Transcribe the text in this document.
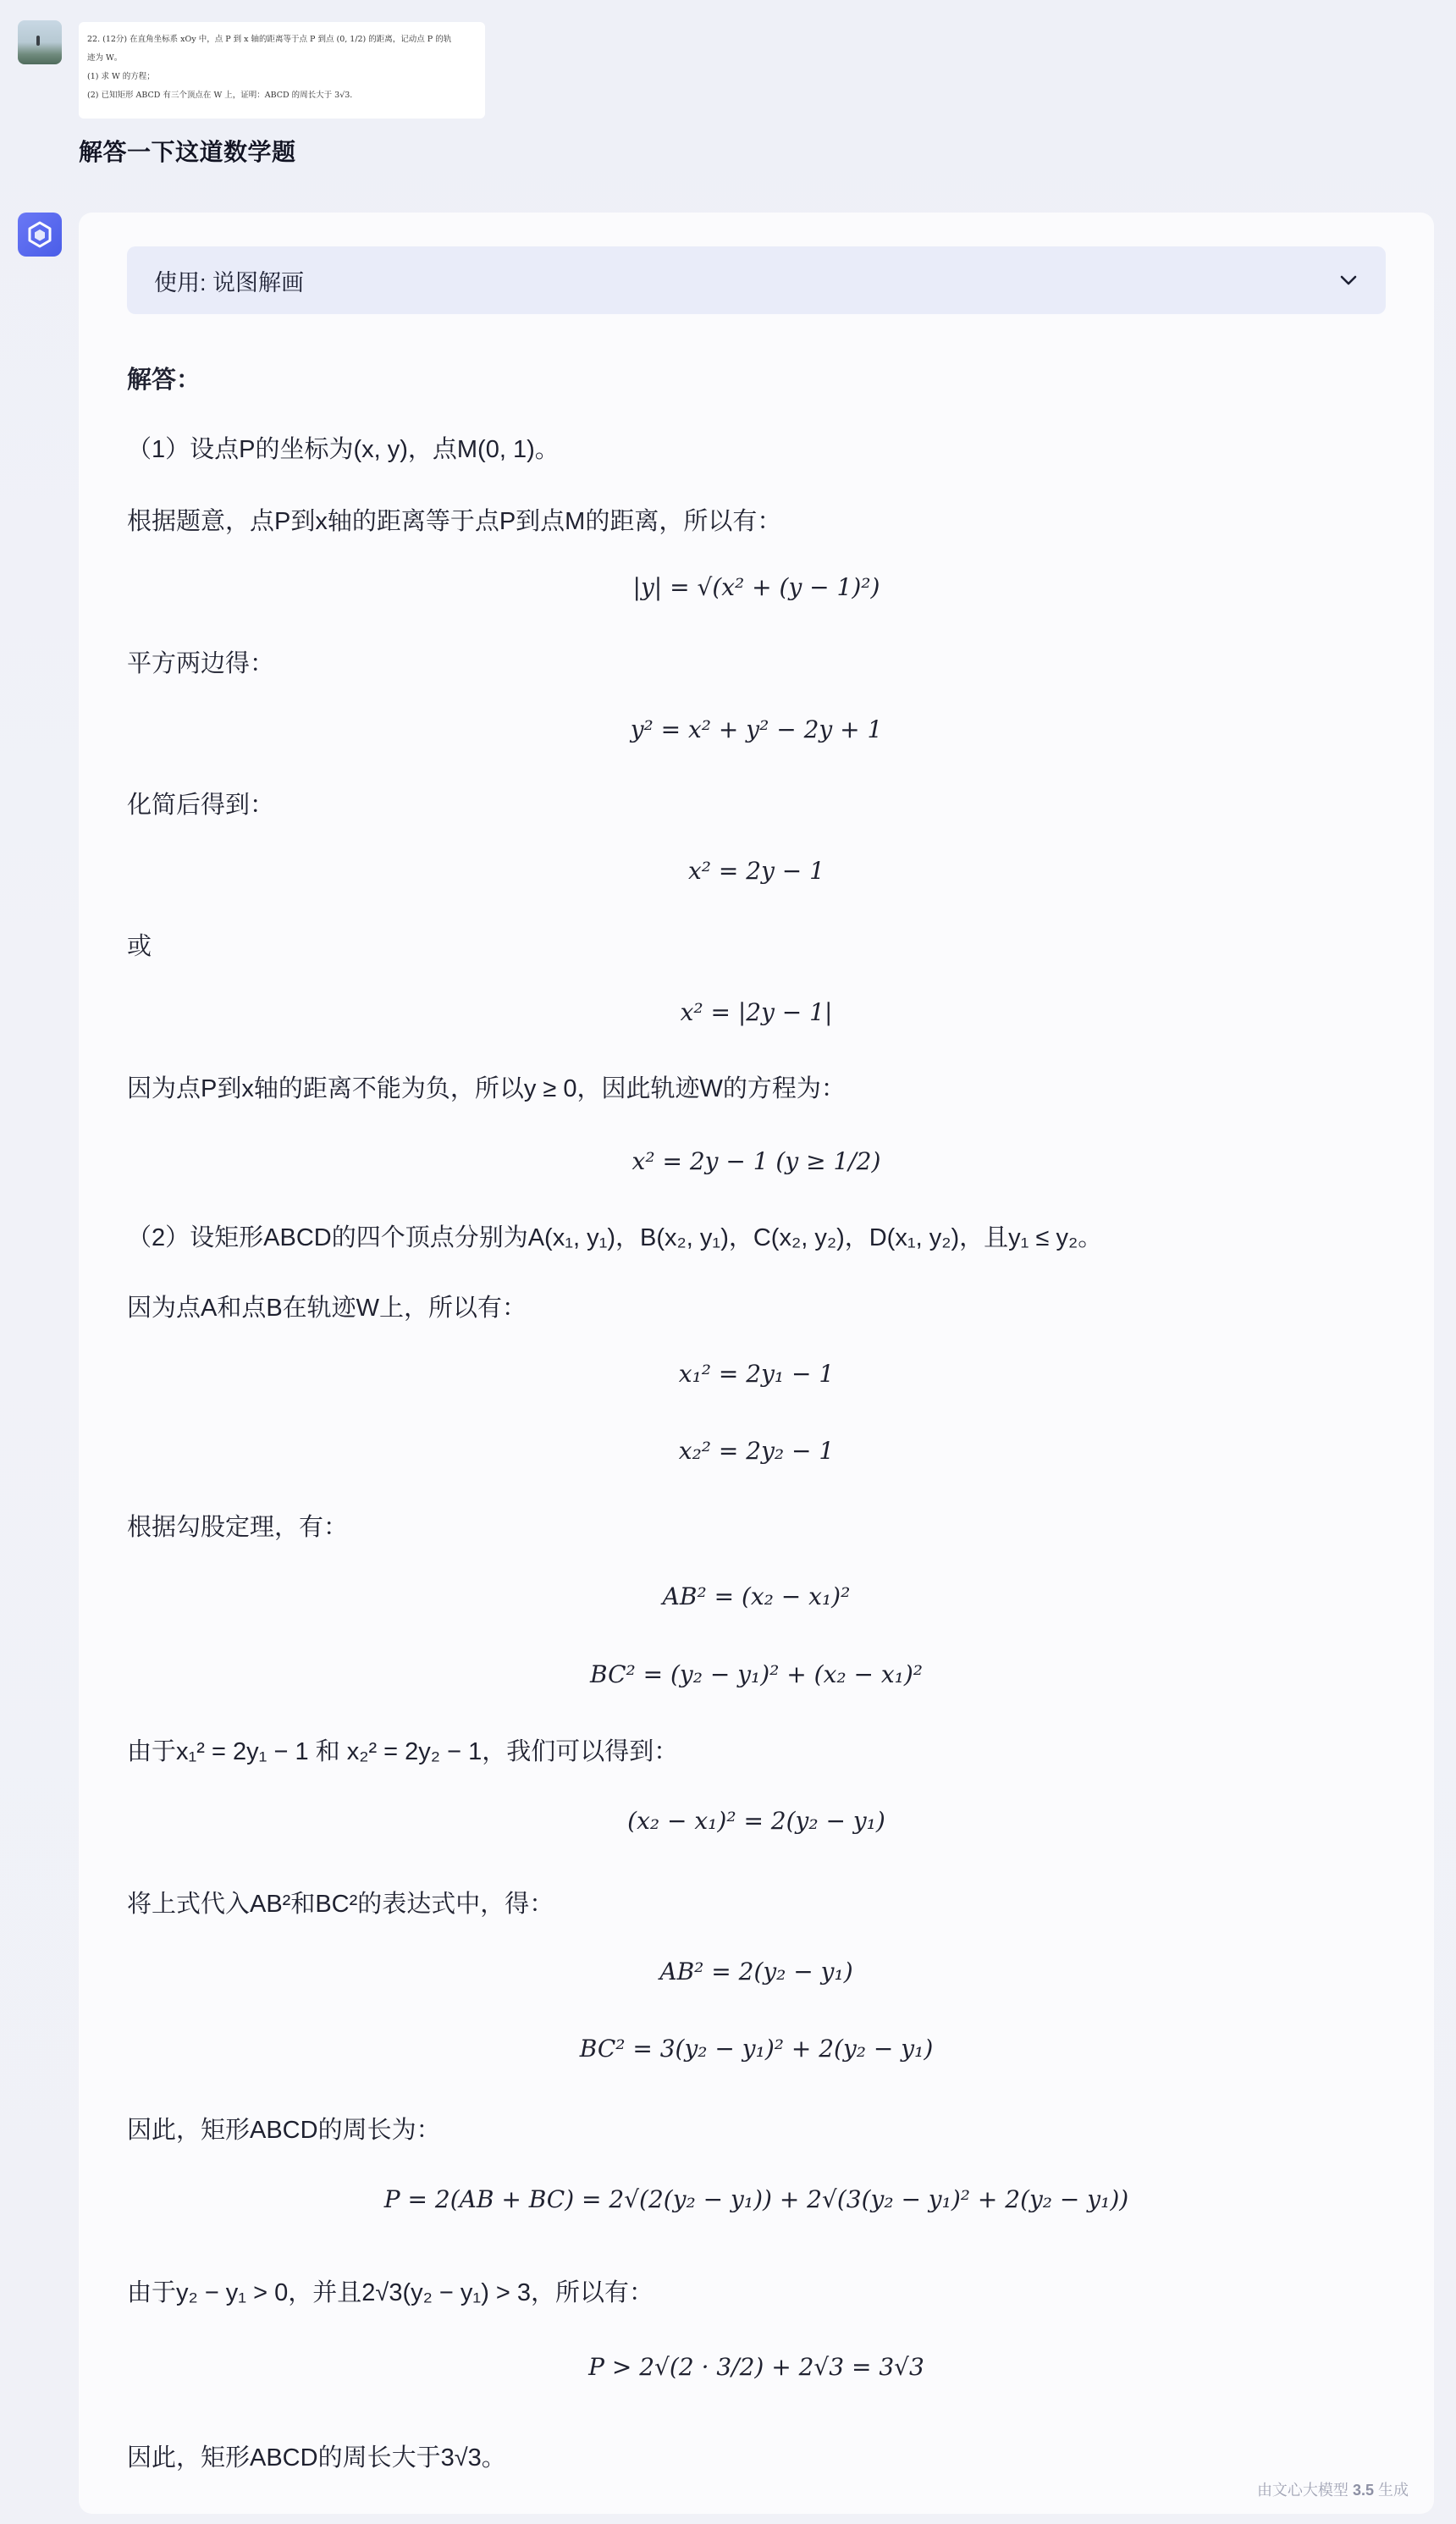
22. (12分) 在直角坐标系 xOy 中，点 P 到 x 轴的距离等于点 P 到点 (0, 1/2) 的距离，记动点 P 的轨
迹为 W。
(1) 求 W 的方程；
(2) 已知矩形 ABCD 有三个顶点在 W 上，证明：ABCD 的周长大于 3√3.
解答一下这道数学题
使用: 说图解画
解答：
（1）设点P的坐标为(x, y)，点M(0, 1)。
根据题意，点P到x轴的距离等于点P到点M的距离，所以有：
|y| = √(x² + (y − 1)²)
平方两边得：
y² = x² + y² − 2y + 1
化简后得到：
x² = 2y − 1
或
x² = |2y − 1|
因为点P到x轴的距离不能为负，所以y ≥ 0，因此轨迹W的方程为：
x² = 2y − 1 (y ≥ 1/2)
（2）设矩形ABCD的四个顶点分别为A(x₁, y₁)，B(x₂, y₁)，C(x₂, y₂)，D(x₁, y₂)，且y₁ ≤ y₂。
因为点A和点B在轨迹W上，所以有：
x₁² = 2y₁ − 1
x₂² = 2y₂ − 1
根据勾股定理，有：
AB² = (x₂ − x₁)²
BC² = (y₂ − y₁)² + (x₂ − x₁)²
由于x₁² = 2y₁ − 1 和 x₂² = 2y₂ − 1，我们可以得到：
(x₂ − x₁)² = 2(y₂ − y₁)
将上式代入AB²和BC²的表达式中，得：
AB² = 2(y₂ − y₁)
BC² = 3(y₂ − y₁)² + 2(y₂ − y₁)
因此，矩形ABCD的周长为：
P = 2(AB + BC) = 2√(2(y₂ − y₁)) + 2√(3(y₂ − y₁)² + 2(y₂ − y₁))
由于y₂ − y₁ > 0，并且2√3(y₂ − y₁) > 3，所以有：
P > 2√(2 · 3/2) + 2√3 = 3√3
因此，矩形ABCD的周长大于3√3。
由文心大模型 3.5 生成
